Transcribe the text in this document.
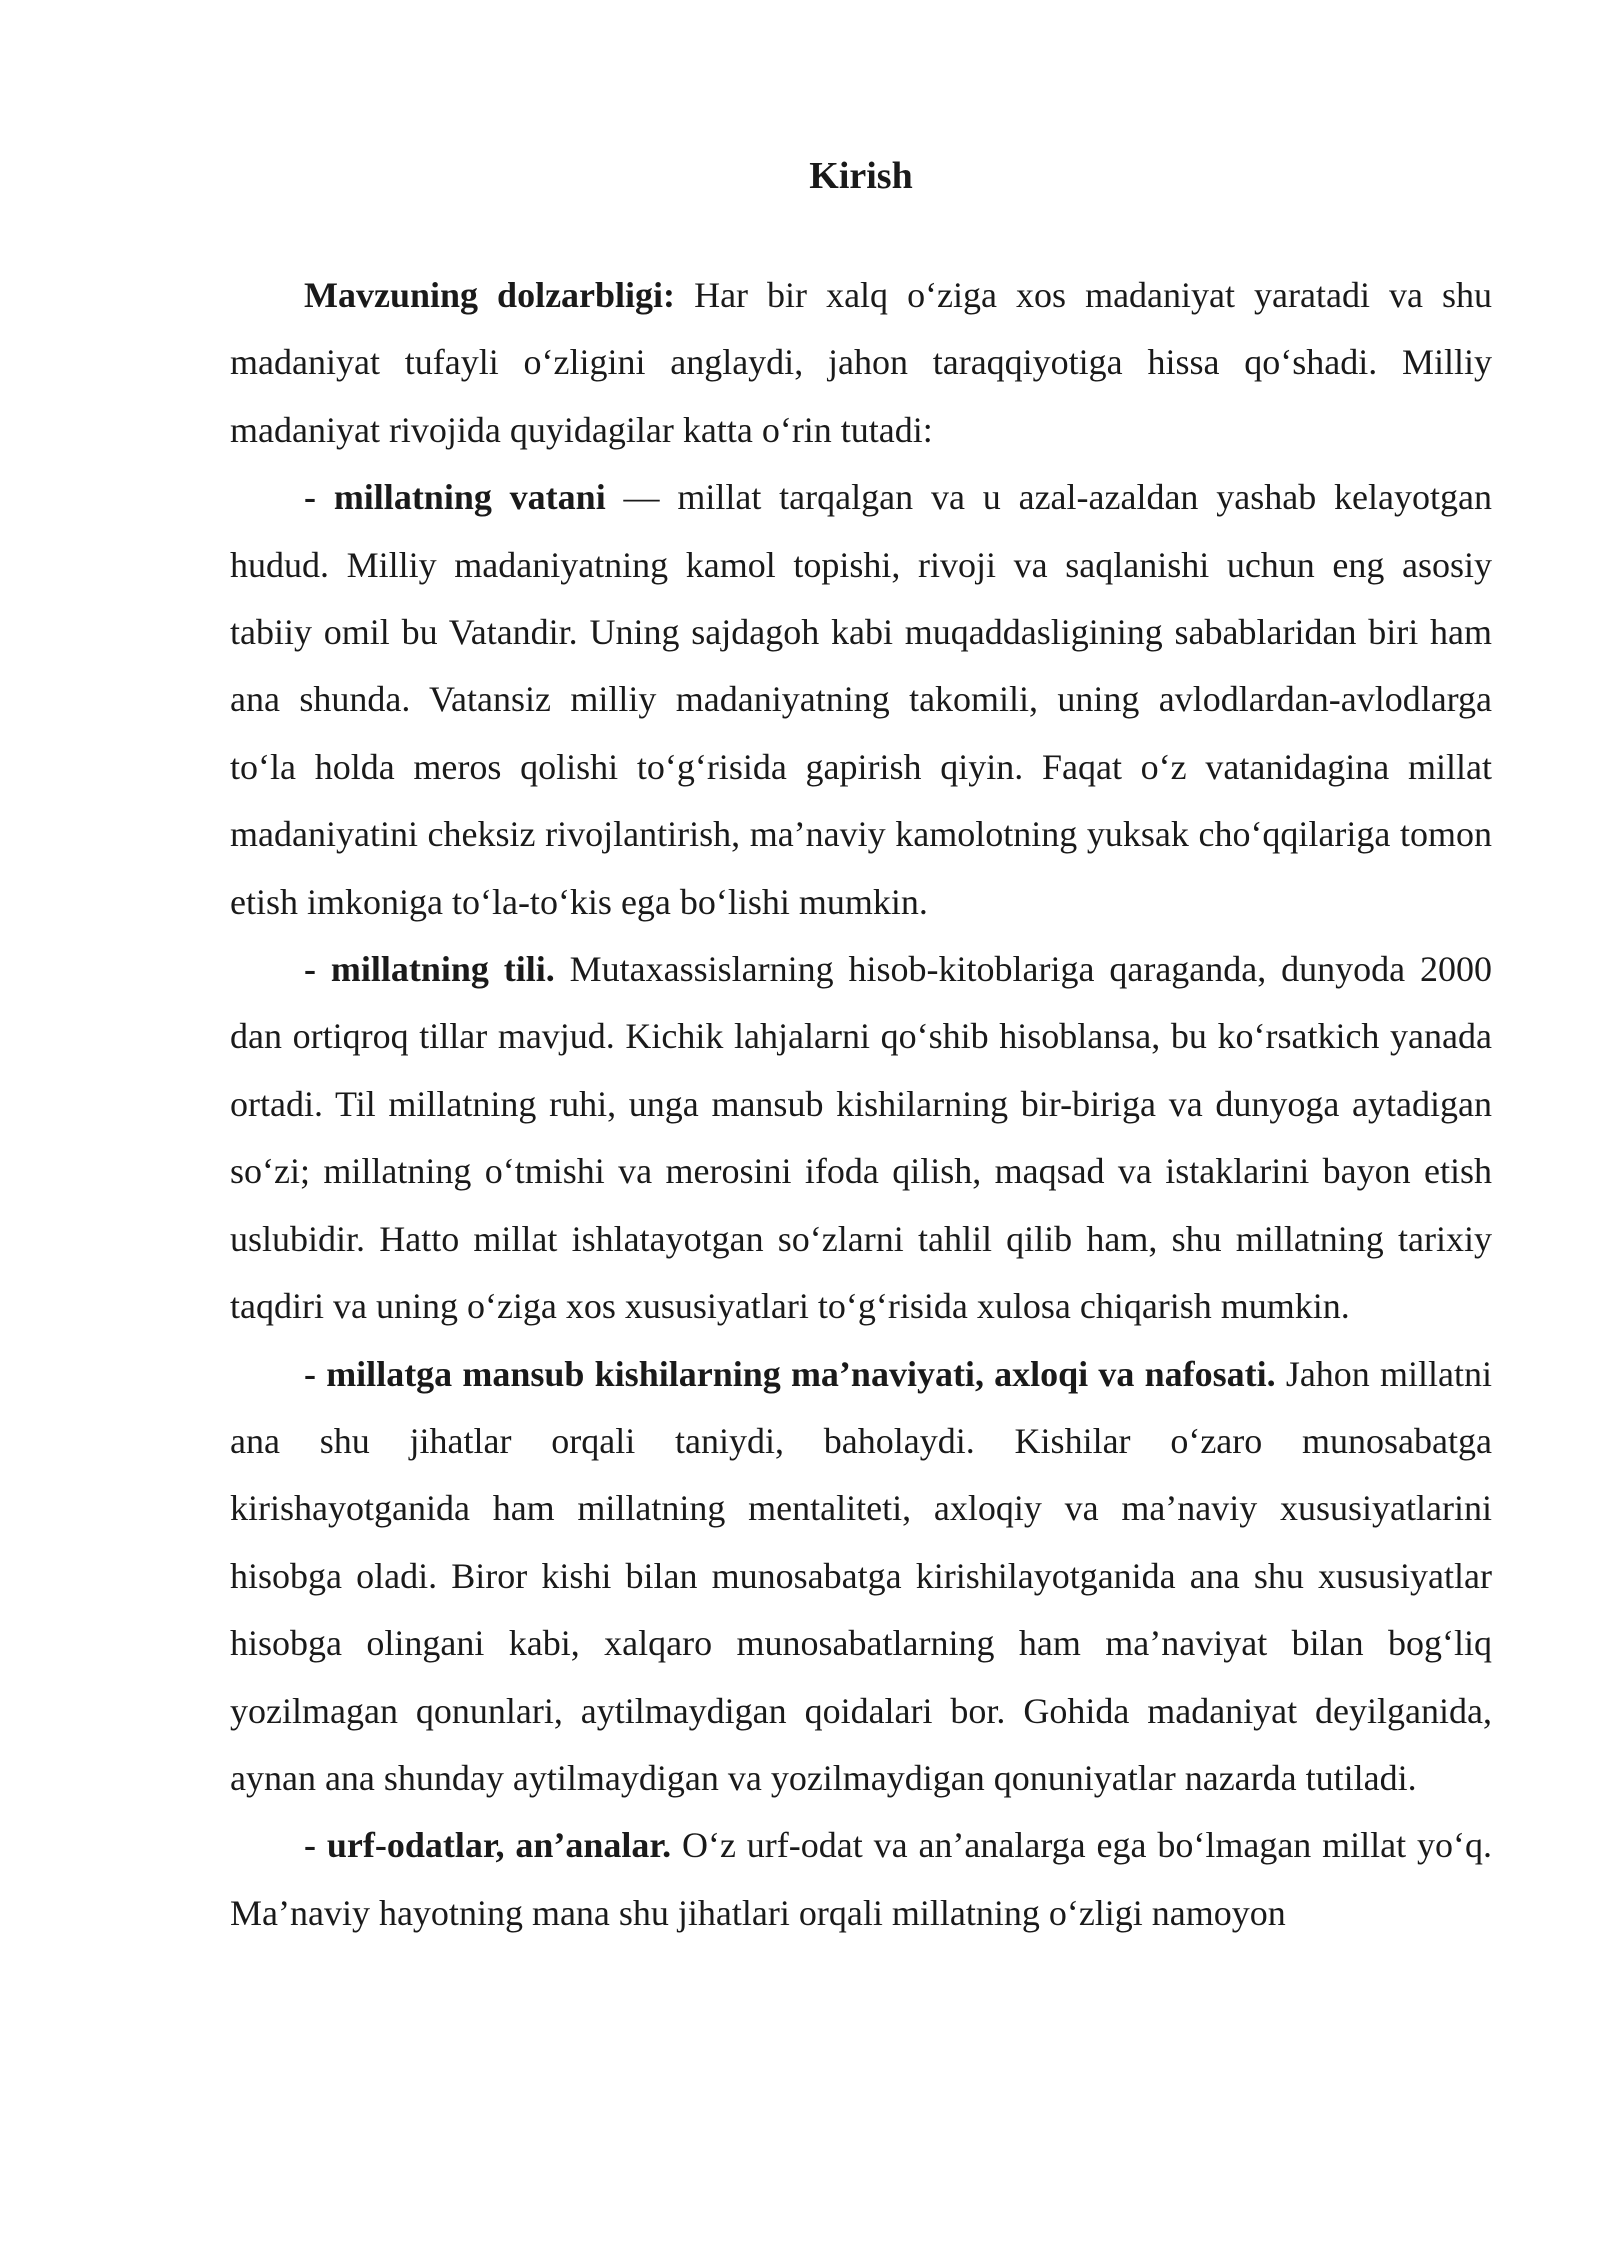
Kirish

Mavzuning dolzarbligi: Har bir xalq o‘ziga xos madaniyat yaratadi va shu madaniyat tufayli o‘zligini anglaydi, jahon taraqqiyotiga hissa qo‘shadi. Milliy madaniyat rivojida quyidagilar katta o‘rin tutadi:

- millatning vatani — millat tarqalgan va u azal-azaldan yashab kelayotgan hudud. Milliy madaniyatning kamol topishi, rivoji va saqlanishi uchun eng asosiy tabiiy omil bu Vatandir. Uning sajdagoh kabi muqaddasligining sabablaridan biri ham ana shunda. Vatansiz milliy madaniyatning takomili, uning avlodlardan-avlodlarga to‘la holda meros qolishi to‘g‘risida gapirish qiyin. Faqat o‘z vatanidagina millat madaniyatini cheksiz rivojlantirish, ma’naviy kamolotning yuksak cho‘qqilariga tomon etish imkoniga to‘la-to‘kis ega bo‘lishi mumkin.

- millatning tili. Mutaxassislarning hisob-kitoblariga qaraganda, dunyoda 2000 dan ortiqroq tillar mavjud. Kichik lahjalarni qo‘shib hisoblansa, bu ko‘rsatkich yanada ortadi. Til millatning ruhi, unga mansub kishilarning bir-biriga va dunyoga aytadigan so‘zi; millatning o‘tmishi va merosini ifoda qilish, maqsad va istaklarini bayon etish uslubidir. Hatto millat ishlatayotgan so‘zlarni tahlil qilib ham, shu millatning tarixiy taqdiri va uning o‘ziga xos xususiyatlari to‘g‘risida xulosa chiqarish mumkin.

- millatga mansub kishilarning ma’naviyati, axloqi va nafosati. Jahon millatni ana shu jihatlar orqali taniydi, baholaydi. Kishilar o‘zaro munosabatga kirishayotganida ham millatning mentaliteti, axloqiy va ma’naviy xususiyatlarini hisobga oladi. Biror kishi bilan munosabatga kirishilayotganida ana shu xususiyatlar hisobga olingani kabi, xalqaro munosabatlarning ham ma’naviyat bilan bog‘liq yozilmagan qonunlari, aytilmaydigan qoidalari bor. Gohida madaniyat deyilganida, aynan ana shunday aytilmaydigan va yozilmaydigan qonuniyatlar nazarda tutiladi.

- urf-odatlar, an’analar. O‘z urf-odat va an’analarga ega bo‘lmagan millat yo‘q. Ma’naviy hayotning mana shu jihatlari orqali millatning o‘zligi namoyon
